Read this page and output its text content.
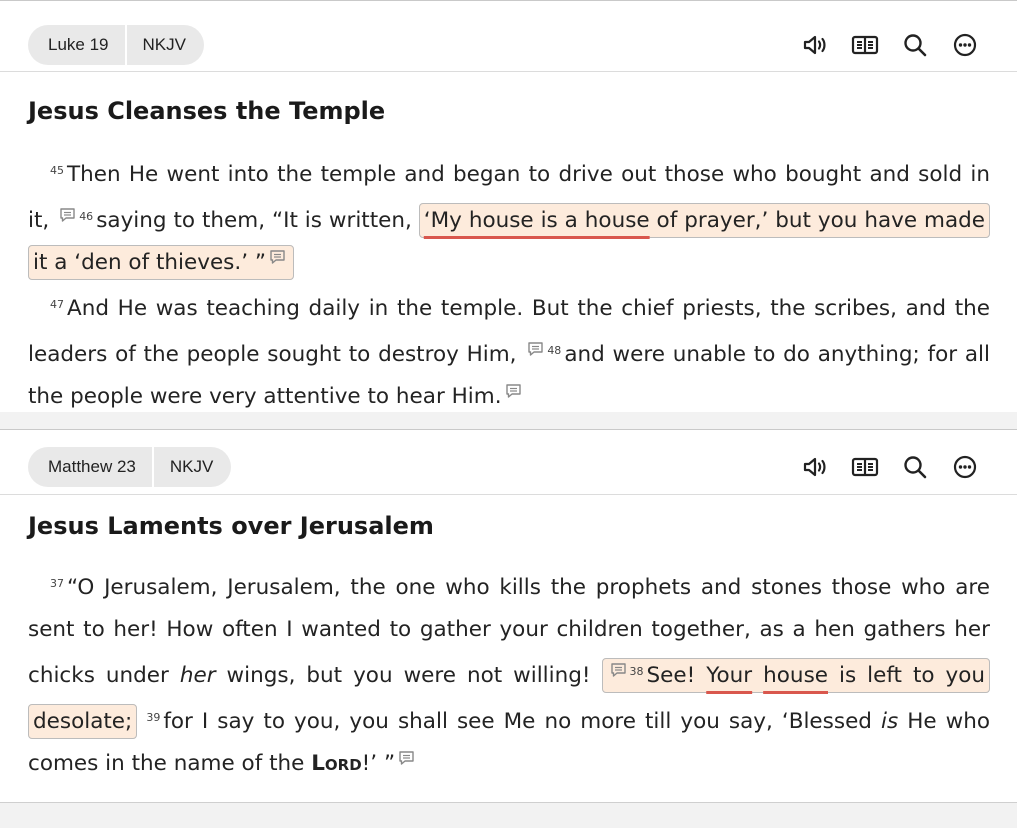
Luke 19	NKJV
Jesus Cleanses the Temple
$^{45}$ Then He went into the temple and began to drive out those who bought and sold in it,	$^{46}$ saying to them, “It is written, ‘My house is a house of prayer,’ but you have made it a ‘den of thieves.’ ”

$^{47}$ And He was teaching daily in the temple. But the chief priests, the scribes, and the leaders of the people sought to destroy Him,	$^{48}$ and were unable to do anything; for all the people were very attentive to hear Him.
Matthew 23	NKJV
Jesus Laments over Jerusalem
$^{37}$ “O Jerusalem, Jerusalem, the one who kills the prophets and stones those who are sent to her! How often I wanted to gather your children together, as a hen gathers her chicks under her wings, but you were not willing!	$^{38}$ See! Your house is left to you desolate; $^{39}$ for I say to you, you shall see Me no more till you say, ‘Blessed is He who comes in the name of the Lord!’ ”
